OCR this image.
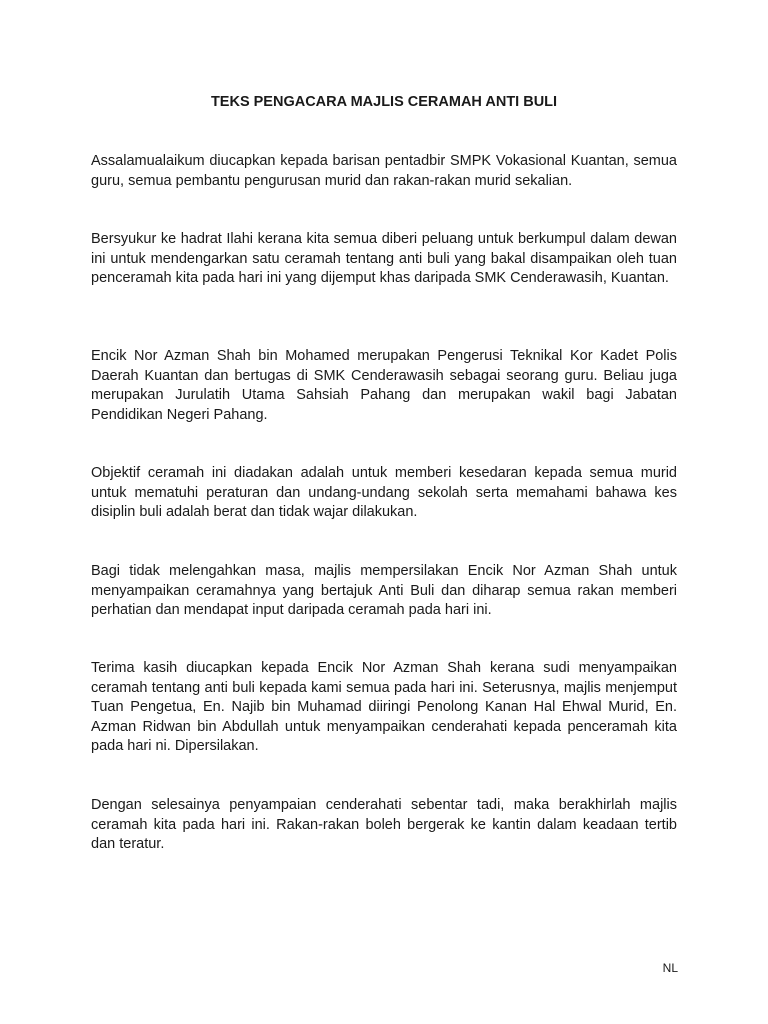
TEKS PENGACARA MAJLIS CERAMAH ANTI BULI

Assalamualaikum diucapkan kepada barisan pentadbir SMPK Vokasional Kuantan, semua guru, semua pembantu pengurusan murid dan rakan-rakan murid sekalian.

Bersyukur ke hadrat Ilahi kerana kita semua diberi peluang untuk berkumpul dalam dewan ini untuk mendengarkan satu ceramah tentang anti buli yang bakal disampaikan oleh tuan penceramah kita pada hari ini yang dijemput khas daripada SMK Cenderawasih, Kuantan.

Encik Nor Azman Shah bin Mohamed merupakan Pengerusi Teknikal Kor Kadet Polis Daerah Kuantan dan bertugas di SMK Cenderawasih sebagai seorang guru. Beliau juga merupakan Jurulatih Utama Sahsiah Pahang dan merupakan wakil bagi Jabatan Pendidikan Negeri Pahang.

Objektif ceramah ini diadakan adalah untuk memberi kesedaran kepada semua murid untuk mematuhi peraturan dan undang-undang sekolah serta memahami bahawa kes disiplin buli adalah berat dan tidak wajar dilakukan.

Bagi tidak melengahkan masa, majlis mempersilakan Encik Nor Azman Shah untuk menyampaikan ceramahnya yang bertajuk Anti Buli dan diharap semua rakan memberi perhatian dan mendapat input daripada ceramah pada hari ini.

Terima kasih diucapkan kepada Encik Nor Azman Shah kerana sudi menyampaikan ceramah tentang anti buli kepada kami semua pada hari ini. Seterusnya, majlis menjemput Tuan Pengetua, En. Najib bin Muhamad diiringi Penolong Kanan Hal Ehwal Murid, En. Azman Ridwan bin Abdullah untuk menyampaikan cenderahati kepada penceramah kita pada hari ni. Dipersilakan.

Dengan selesainya penyampaian cenderahati sebentar tadi, maka berakhirlah majlis ceramah kita pada hari ini. Rakan-rakan boleh bergerak ke kantin dalam keadaan tertib dan teratur.

NL
